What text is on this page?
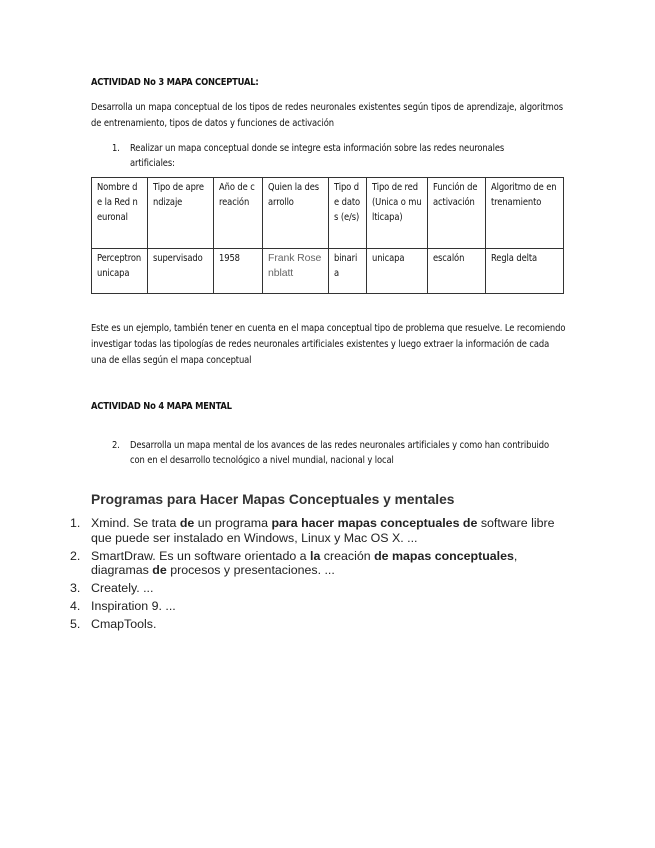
ACTIVIDAD No 3 MAPA CONCEPTUAL:
Desarrolla un mapa conceptual de los tipos de redes neuronales existentes según tipos de aprendizaje, algoritmos de entrenamiento, tipos de datos y funciones de activación
1. Realizar un mapa conceptual donde se integre esta información sobre las redes neuronales artificiales:
Nombre de la Red neuronal	Tipo de aprendizaje	Año de creación	Quien la desarrollo	Tipo de datos (e/s)	Tipo de red (Unica o multicapa)	Función de activación	Algoritmo de entrenamiento
Perceptron unicapa	supervisado	1958	Frank Rosenblatt	binaria	unicapa	escalón	Regla delta
Este es un ejemplo, también tener en cuenta en el mapa conceptual tipo de problema que resuelve. Le recomiendo investigar todas las tipologías de redes neuronales artificiales existentes y luego extraer la información de cada una de ellas según el mapa conceptual
ACTIVIDAD No 4 MAPA MENTAL
2. Desarrolla un mapa mental de los avances de las redes neuronales artificiales y como han contribuido con en el desarrollo tecnológico a nivel mundial, nacional y local
Programas para Hacer Mapas Conceptuales y mentales
1. Xmind. Se trata de un programa para hacer mapas conceptuales de software libre que puede ser instalado en Windows, Linux y Mac OS X. ...
2. SmartDraw. Es un software orientado a la creación de mapas conceptuales, diagramas de procesos y presentaciones. ...
3. Creately. ...
4. Inspiration 9. ...
5. CmapTools.
